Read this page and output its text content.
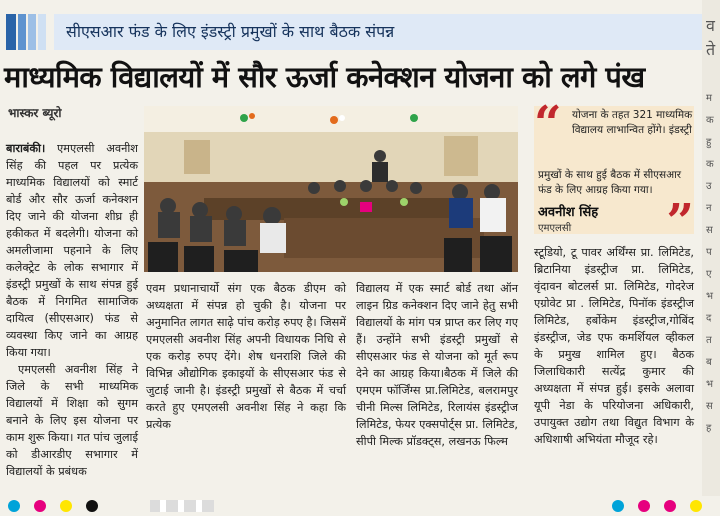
सीएसआर फंड के लिए इंडस्ट्री प्रमुखों के साथ बैठक संपन्न
माध्यमिक विद्यालयों में सौर ऊर्जा कनेक्शन योजना को लगे पंख
भास्कर ब्यूरो	“ योजना के तहत 321 माध्यमिक विद्यालय लाभान्वित होंगे। इंडस्ट्री
प्रमुखों के साथ हुई बैठक में सीएसआर फंड के लिए आग्रह किया गया।
अवनीश सिंह
एमएलसी ”

बाराबंकी। एमएलसी अवनीश सिंह की पहल पर प्रत्येक माध्यमिक विद्यालयों को स्मार्ट बोर्ड और सौर ऊर्जा कनेक्शन दिए जाने की योजना शीघ्र ही हकीकत में बदलेगी। योजना को अमलीजामा पहनाने के लिए कलेक्ट्रेट के लोक सभागार में इंडस्ट्री प्रमुखों के साथ संपन्न हुई बैठक में निगमित सामाजिक दायित्व (सीएसआर) फंड से व्यवस्था किए जाने का आग्रह किया गया।

एमएलसी अवनीश सिंह ने जिले के सभी माध्यमिक विद्यालयों में शिक्षा को सुगम बनाने के लिए इस योजना पर काम शुरू किया। गत पांच जुलाई को डीआरडीए सभागार में विद्यालयों के प्रबंधक

एवम प्रधानाचार्यो संग एक बैठक डीएम को अध्यक्षता में संपन्न हो चुकी है। योजना पर अनुमानित लागत साढ़े पांच करोड़ रुपए है। जिसमें एमएलसी अवनीश सिंह अपनी विधायक निधि से एक करोड़ रुपए देंगे। शेष धनराशि जिले की विभिन्न औद्योगिक इकाइयों के सीएसआर फंड से जुटाई जानी है। इंडस्ट्री प्रमुखों से बैठक में चर्चा करते हुए एमएलसी अवनीश सिंह ने कहा कि प्रत्येक
विद्यालय में एक स्मार्ट बोर्ड तथा ऑन लाइन ग्रिड कनेक्शन दिए जाने हेतु सभी विद्यालयों के मांग पत्र प्राप्त कर लिए गए हैं। उन्होंने सभी इंडस्ट्री प्रमुखों से सीएसआर फंड से योजना को मूर्त रूप देने का आग्रह किया।बैठक में जिले की एमएम फॉर्जिंग्स प्रा.लिमिटेड, बलरामपुर चीनी मिल्स लिमिटेड, रिलायंस इंडस्ट्रीज लिमिटेड, फेयर एक्सपोर्ट्स प्रा. लिमिटेड, सीपी मिल्क प्रॉडक्ट्स, लखनऊ फिल्म
स्टूडियो, टू पावर अर्थिंग्स प्रा. लिमिटेड, ब्रिटानिया इंडस्ट्रीज प्रा. लिमिटेड, वृंदावन बोटलर्स प्रा. लिमिटेड, गोदरेज एग्रोवेट प्रा . लिमिटेड, पिनॉक इंडस्ट्रीज लिमिटेड, हर्बोकेम इंडस्ट्रीज,गोबिंद इंडस्ट्रीज, जेड एफ कमर्शियल व्हीकल के प्रमुख शामिल हुए। बैठक जिलाधिकारी सत्येंद्र कुमार की अध्यक्षता में संपन्न हुई। इसके अलावा यूपी नेडा के परियोजना अधिकारी, उपायुक्त उद्योग तथा विद्युत विभाग के अधिशाषी अभियंता मौजूद रहे।
व
ते
म
क
हु
क
उ
न
स
प
ए
भ
द
त
ब
भ
स
ह
